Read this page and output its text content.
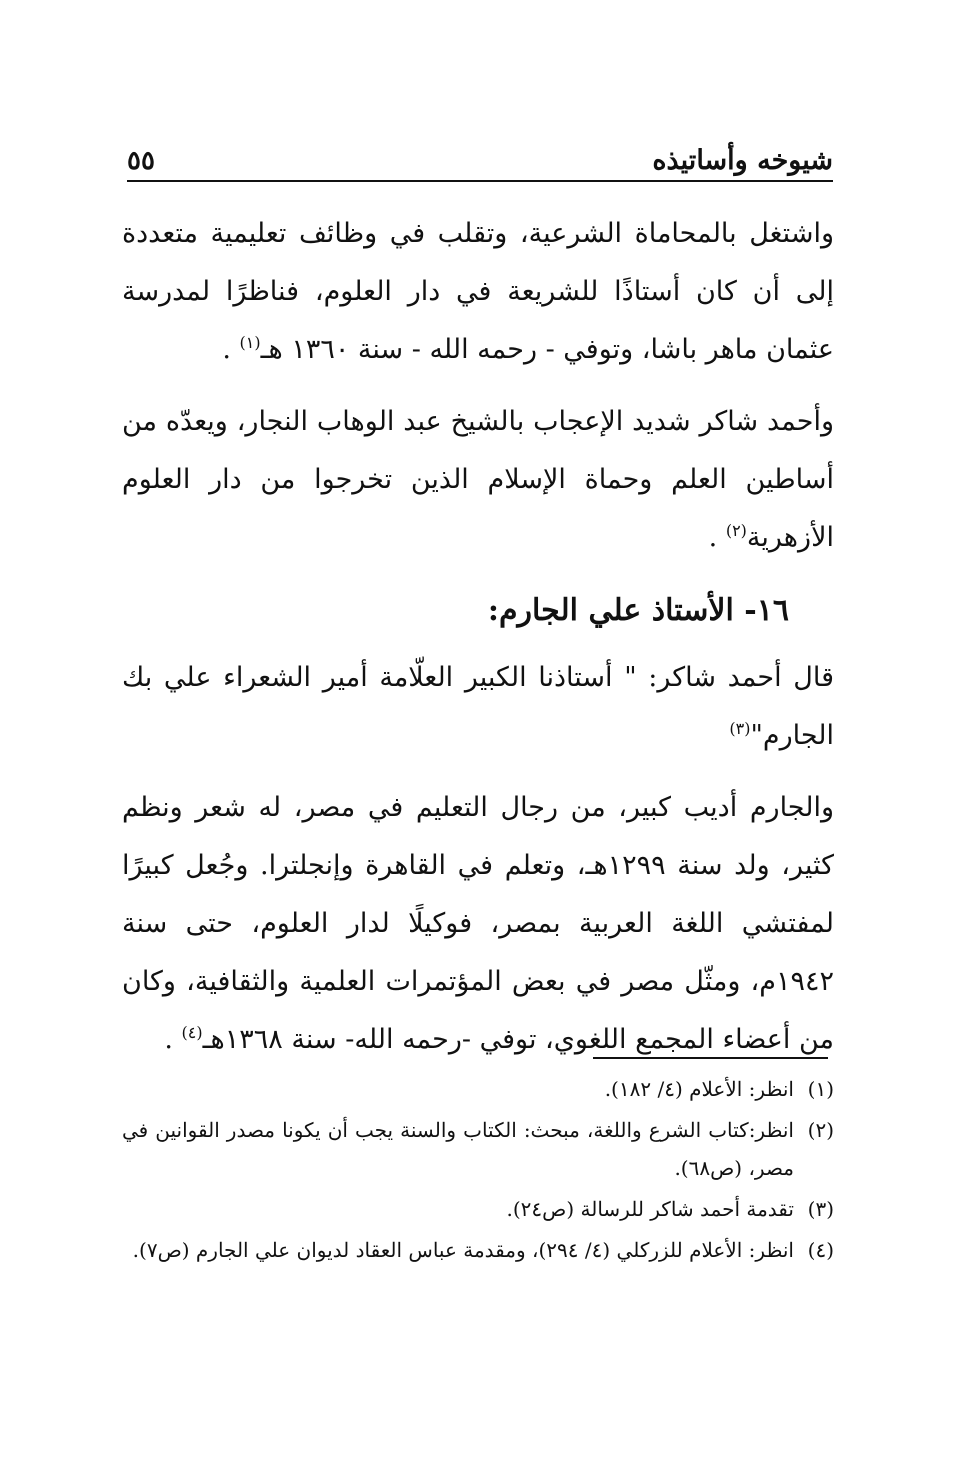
شيوخه وأساتيذه
٥٥

واشتغل بالمحاماة الشرعية، وتقلب في وظائف تعليمية متعددة إلى أن كان أستاذًا للشريعة في دار العلوم، فناظرًا لمدرسة عثمان ماهر باشا، وتوفي - رحمه الله - سنة ١٣٦٠ هـ$^{(١)}$ .

وأحمد شاكر شديد الإعجاب بالشيخ عبد الوهاب النجار، ويعدّه من أساطين العلم وحماة الإسلام الذين تخرجوا من دار العلوم الأزهرية$^{(٢)}$ .

١٦- الأستاذ علي الجارم:

قال أحمد شاكر: " أستاذنا الكبير العلّامة أمير الشعراء علي بك الجارم"$^{(٣)}$

والجارم أديب كبير، من رجال التعليم في مصر، له شعر ونظم كثير، ولد سنة ١٢٩٩هـ، وتعلم في القاهرة وإنجلترا. وجُعل كبيرًا لمفتشي اللغة العربية بمصر، فوكيلًا لدار العلوم، حتى سنة ١٩٤٢م، ومثّل مصر في بعض المؤتمرات العلمية والثقافية، وكان من أعضاء المجمع اللغوي، توفي -رحمه الله- سنة ١٣٦٨هـ$^{(٤)}$ .

(١)
انظر: الأعلام (٤/ ١٨٢).
(٢)
انظر:كتاب الشرع واللغة، مبحث: الكتاب والسنة يجب أن يكونا مصدر القوانين في مصر، (ص٦٨).
(٣)
تقدمة أحمد شاكر للرسالة (ص٢٤).
(٤)
انظر: الأعلام للزركلي (٤/ ٢٩٤)، ومقدمة عباس العقاد لديوان علي الجارم (ص٧).
